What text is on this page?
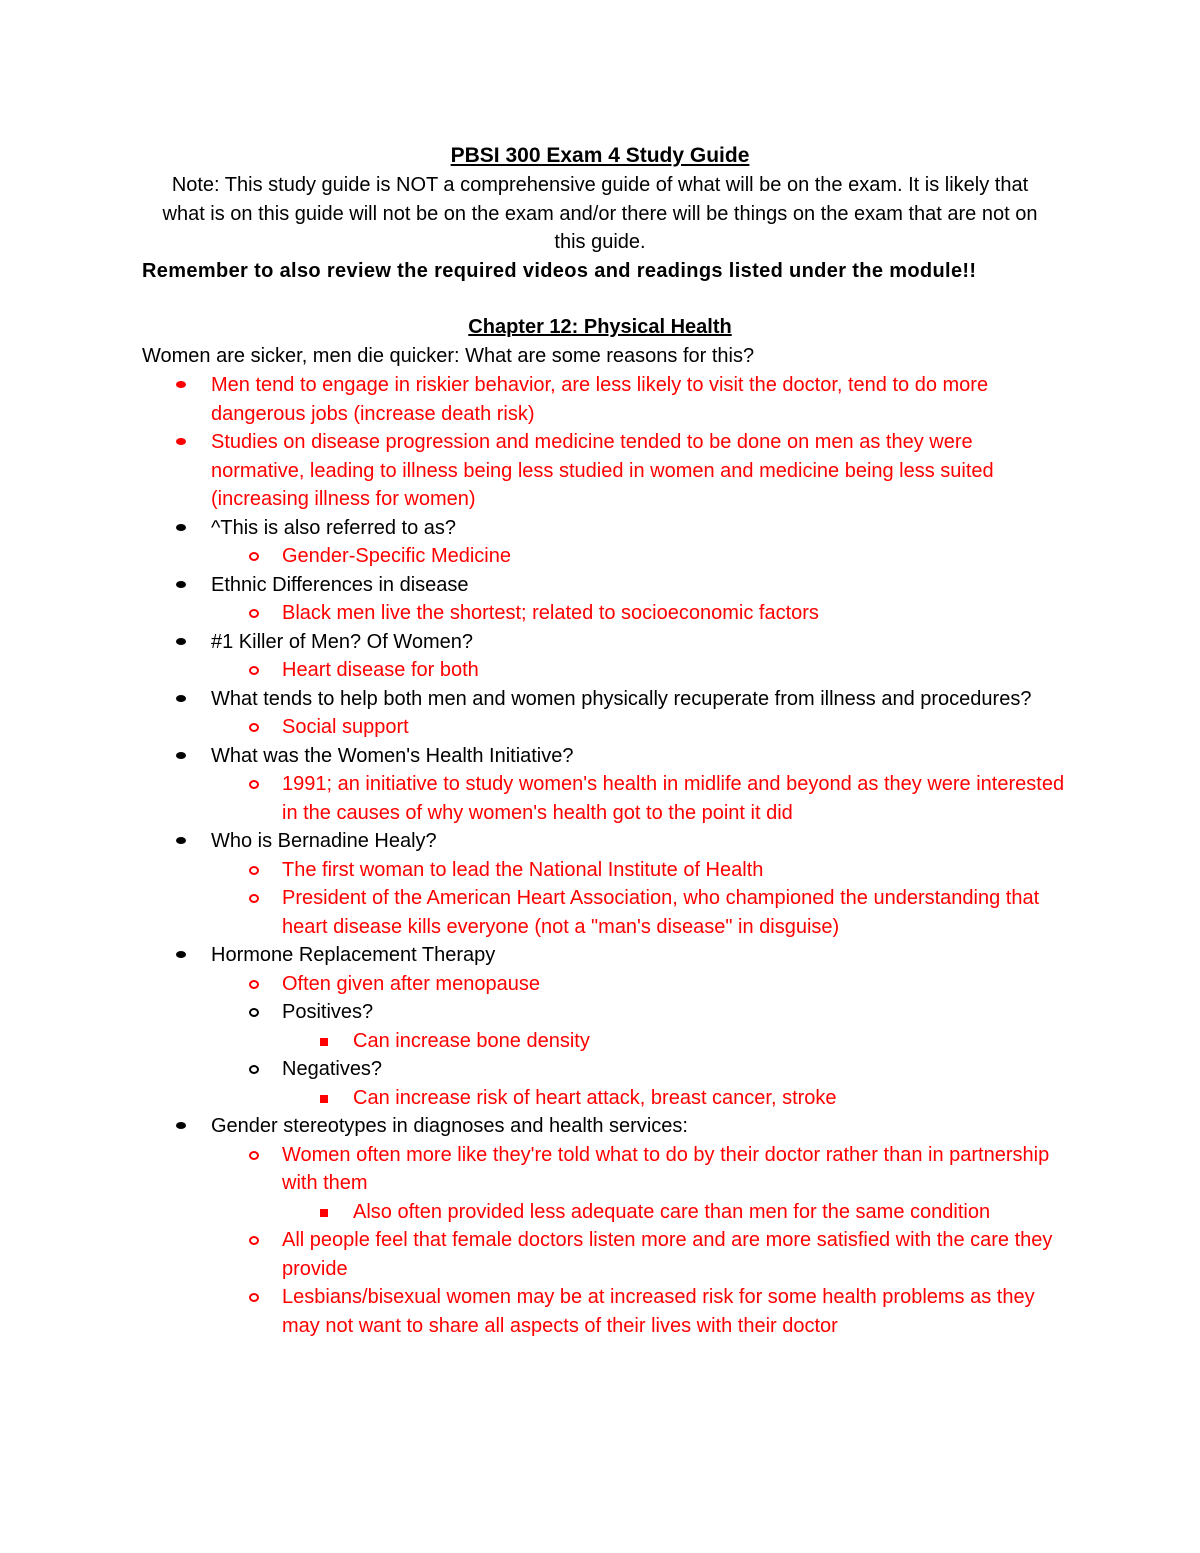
PBSI 300 Exam 4 Study Guide
Note: This study guide is NOT a comprehensive guide of what will be on the exam. It is likely that what is on this guide will not be on the exam and/or there will be things on the exam that are not on this guide.
Remember to also review the required videos and readings listed under the module!!
Chapter 12: Physical Health
Women are sicker, men die quicker: What are some reasons for this?
Men tend to engage in riskier behavior, are less likely to visit the doctor, tend to do more dangerous jobs (increase death risk)
Studies on disease progression and medicine tended to be done on men as they were normative, leading to illness being less studied in women and medicine being less suited (increasing illness for women)
^This is also referred to as?
Gender-Specific Medicine
Ethnic Differences in disease
Black men live the shortest; related to socioeconomic factors
#1 Killer of Men? Of Women?
Heart disease for both
What tends to help both men and women physically recuperate from illness and procedures?
Social support
What was the Women's Health Initiative?
1991; an initiative to study women's health in midlife and beyond as they were interested in the causes of why women's health got to the point it did
Who is Bernadine Healy?
The first woman to lead the National Institute of Health
President of the American Heart Association, who championed the understanding that heart disease kills everyone (not a "man's disease" in disguise)
Hormone Replacement Therapy
Often given after menopause
Positives?
Can increase bone density
Negatives?
Can increase risk of heart attack, breast cancer, stroke
Gender stereotypes in diagnoses and health services:
Women often more like they're told what to do by their doctor rather than in partnership with them
Also often provided less adequate care than men for the same condition
All people feel that female doctors listen more and are more satisfied with the care they provide
Lesbians/bisexual women may be at increased risk for some health problems as they may not want to share all aspects of their lives with their doctor
